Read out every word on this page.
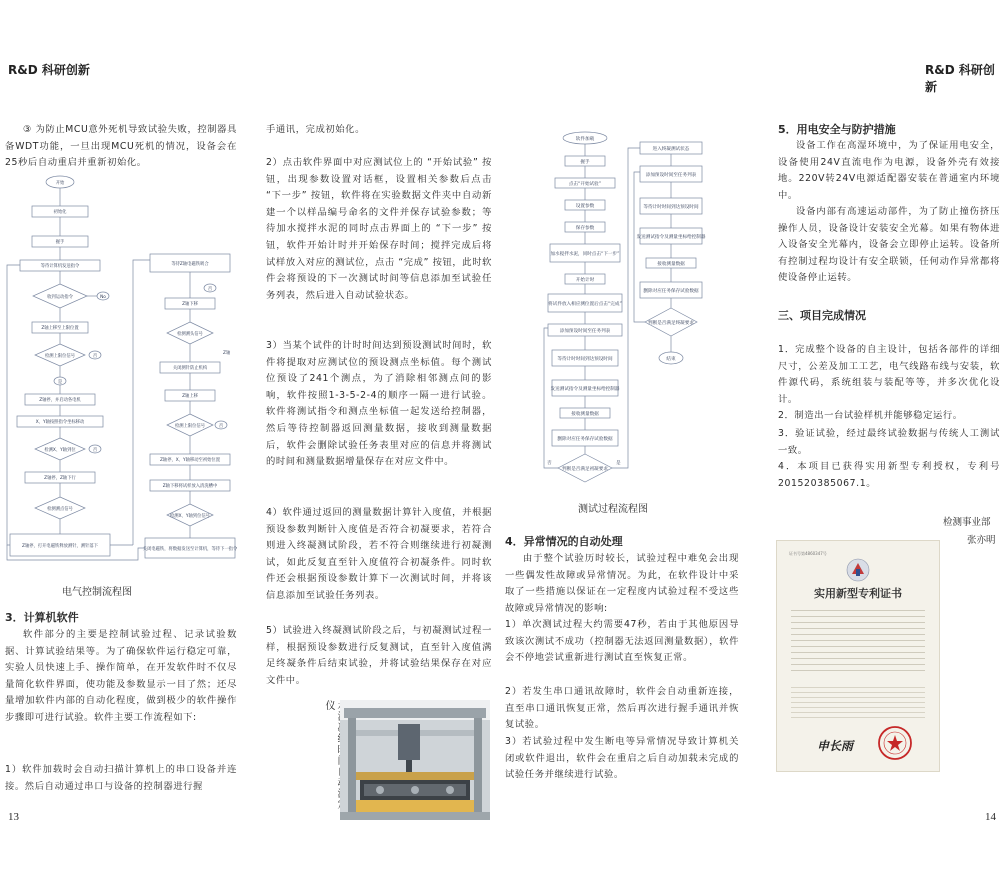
R&D 科研创新	R&D 科研创新
13	14

③ 为防止MCU意外死机导致试验失败，控制器具备WDT功能，一旦出现MCU死机的情况，设备会在25秒后自动重启并重新初始化。

开始
初始化
握手
等待计算机发送指令
收到运动指令	No
Z轴上移至上限位置
检测上限位信号
是
Z轴停，并启动各电机
X、Y轴按照指令坐标移动
检测X、Y轴到位
Z轴停，Z轴下行
检测测点信号
Z轴停，打开电磁铁释放测针，测针落下
等待Z轴电磁铁吸合
Z轴下移
检测测头信号
关闭测针防止机构
Z轴上移
检测上限位信号
Z轴停，X、Y轴移动至初始位置
Z轴下移将试样放入清洗槽中
检测X、Y轴到位信号
关闭电磁铁，将数据发送至计算机，等待下一指令
否
否
否
否
Z轴
电气控制流程图

3．计算机软件

软件部分的主要是控制试验过程、记录试验数据、计算试验结果等。为了确保软件运行稳定可靠，实验人员快速上手、操作简单，在开发软件时不仅尽量简化软件界面，使功能及参数显示一目了然；还尽量增加软件内部的自动化程度，做到极少的软件操作步骤即可进行试验。软件主要工作流程如下:

1）软件加载时会自动扫描计算机上的串口设备并连接。然后自动通过串口与设备的控制器进行握

手通讯，完成初始化。

2）点击软件界面中对应测试位上的 “开始试验” 按钮，出现参数设置对话框，设置相关参数后点击 “下一步” 按钮，软件将在实验数据文件夹中自动新建一个以样品编号命名的文件并保存试验参数；等待加水搅拌水泥的同时点击界面上的 “下一步” 按钮，软件开始计时并开始保存时间；搅拌完成后将试样放入对应的测试位，点击 “完成” 按钮，此时软件会将预设的下一次测试时间等信息添加至试验任务列表，然后进入自动试验状态。

3）当某个试件的计时时间达到预设测试时间时，软件将提取对应测试位的预设测点坐标值。每个测试位预设了241个测点，为了消除相邻测点间的影响，软件按照1-3-5-2-4的顺序一隔一进行试验。软件将测试指令和测点坐标值一起发送给控制器，然后等待控制器返回测量数据，接收到测量数据后，软件会删除试验任务表里对应的信息并将测试的时间和测量数据增量保存在对应文件中。

4）软件通过返回的测量数据计算针入度值，并根据预设参数判断针入度值是否符合初凝要求，若符合则进入终凝测试阶段，若不符合则继续进行初凝测试，如此反复直至针入度值符合初凝条件。同时软件还会根据预设参数计算下一次测试时间，并将该信息添加至试验任务列表。

5）试验进入终凝测试阶段之后，与初凝测试过程一样，根据预设参数进行反复测试，直至针入度值满足终凝条件后结束试验，并将试验结果保存在对应文件中。

仪
软件加载
握手
点击“开始试验”
设置参数
保存参数
加水搅拌水泥，同时点击“下一步”
开始计时
将试件放入相应测位置后点击“完成”
添加预设时间至任务列表
等待计时时间到达预设时间
发送测试指令及测量坐标给控制器
接收测量数据
删除对应任务保存试验数据
判断是否满足初凝要求
否	是
进入终凝测试状态
添加预设时间至任务列表
等待计时时间到达预设时间
发送测试指令及测量坐标给控制器
接收测量数据
删除对应任务保存试验数据
判断是否满足终凝要求
结束
测试过程流程图

4．异常情况的自动处理

由于整个试验历时较长，试验过程中难免会出现一些偶发性故障或异常情况。为此，在软件设计中采取了一些措施以保证在一定程度内试验过程不受这些故障或异常情况的影响:

1）单次测试过程大约需要47秒，若由于其他原因导致该次测试不成功（控制器无法返回测量数据），软件会不停地尝试重新进行测试直至恢复正常。

2）若发生串口通讯故障时，软件会自动重新连接，直至串口通讯恢复正常，然后再次进行握手通讯并恢复试验。

3）若试验过程中发生断电等异常情况导致计算机关闭或软件退出，软件会在重启之后自动加载未完成的试验任务并继续进行试验。

5．用电安全与防护措施

设备工作在高湿环境中，为了保证用电安全，设备使用24V直流电作为电源，设备外壳有效接地。220V转24V电源适配器安装在普通室内环境中。

设备内部有高速运动部件，为了防止撞伤挤压操作人员，设备设计安装安全光幕。如果有物体进入设备安全光幕内，设备会立即停止运转。设备所有控制过程均设计有安全联锁，任何动作异常都将使设备停止运转。

三、项目完成情况

1．完成整个设备的自主设计，包括各部件的详细尺寸，公差及加工工艺，电气线路布线与安装，软件源代码，系统组装与装配等等，并多次优化设计。

2．制造出一台试验样机并能够稳定运行。

3．验证试验，经过最终试验数据与传统人工测试一致。

4．本项目已获得实用新型专利授权，专利号201520385067.1。

检测事业部
张亦明
证书号第4860347号
实用新型专利证书
申长雨
